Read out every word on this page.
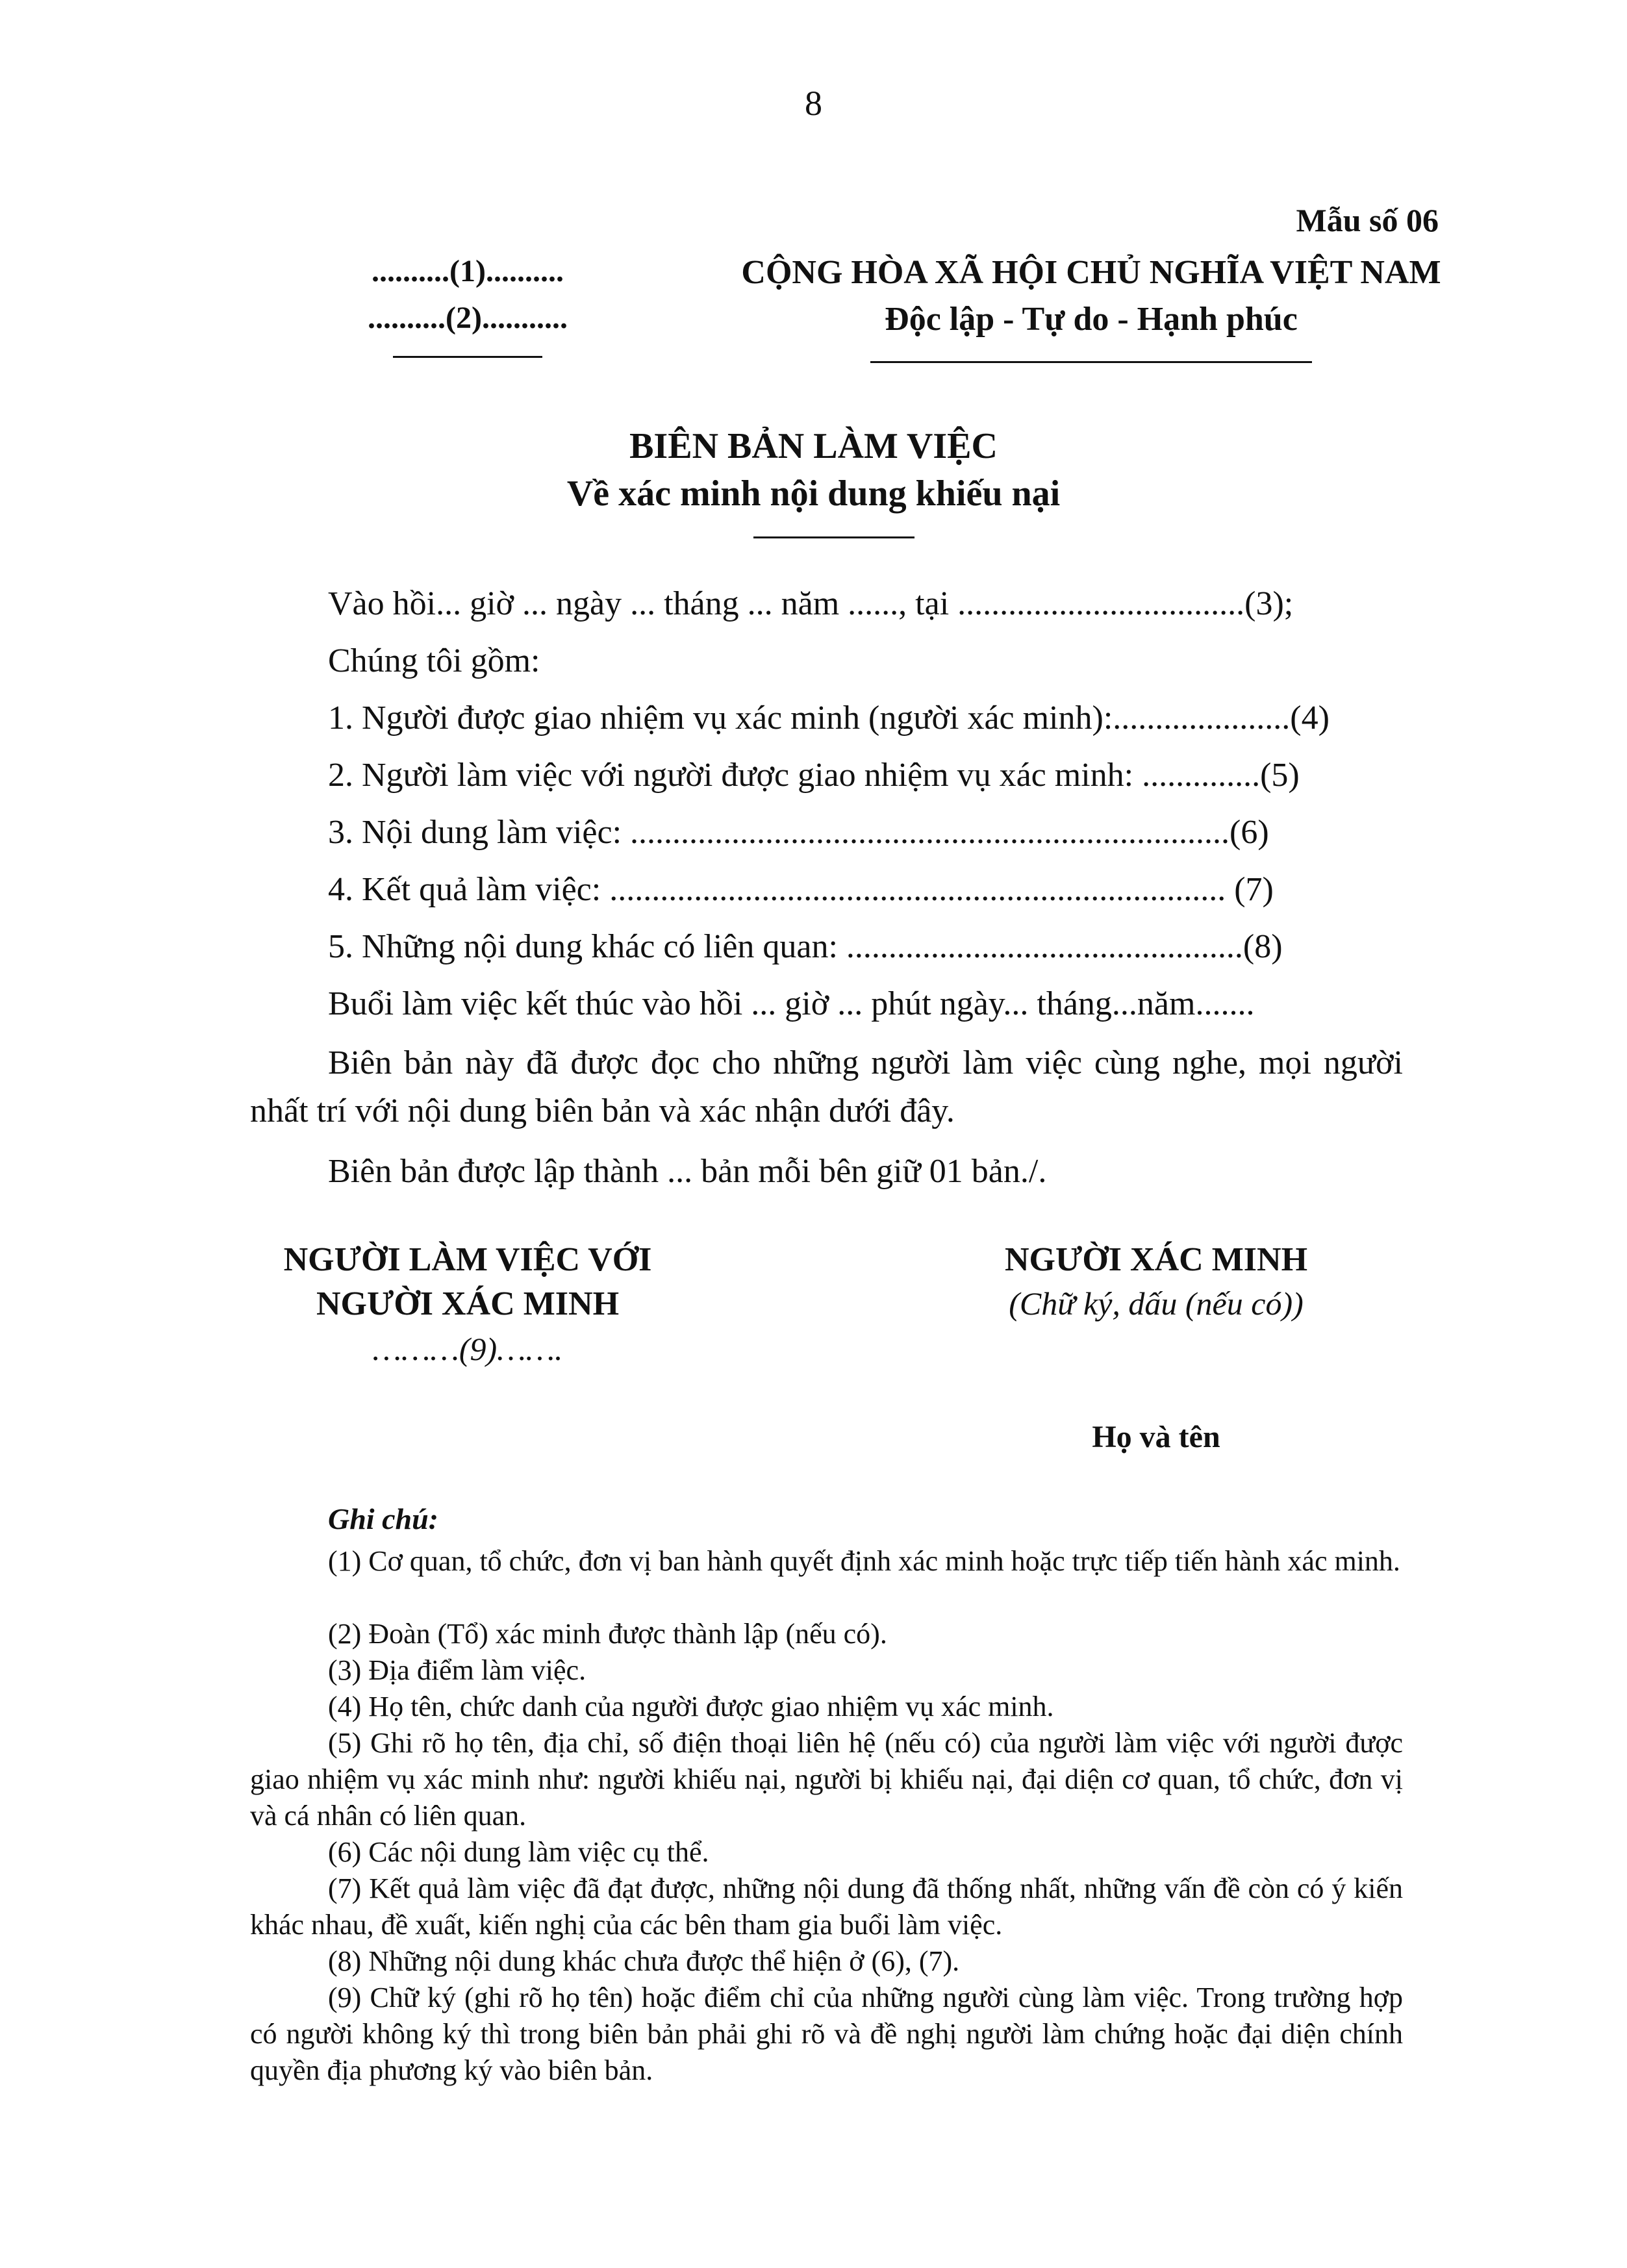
8
Mẫu số 06
..........(1)..........
..........(2)...........
CỘNG HÒA XÃ HỘI CHỦ NGHĨA VIỆT NAM
Độc lập - Tự do - Hạnh phúc
BIÊN BẢN LÀM VIỆC
Về xác minh nội dung khiếu nại
Vào hồi... giờ ... ngày ... tháng ... năm ......, tại ..................................(3);
Chúng tôi gồm:
1. Người được giao nhiệm vụ xác minh (người xác minh):.....................(4)
2. Người làm việc với người được giao nhiệm vụ xác minh: ..............(5)
3. Nội dung làm việc: .......................................................................(6)
4. Kết quả làm việc: ......................................................................... (7)
5. Những nội dung khác có liên quan: ...............................................(8)
Buổi làm việc kết thúc vào hồi ... giờ ... phút ngày... tháng...năm.......
Biên bản này đã được đọc cho những người làm việc cùng nghe, mọi người nhất trí với nội dung biên bản và xác nhận dưới đây.
Biên bản được lập thành ... bản mỗi bên giữ 01 bản./.
NGƯỜI LÀM VIỆC VỚI
NGƯỜI XÁC MINH
………(9)…….
NGƯỜI XÁC MINH
(Chữ ký, dấu (nếu có))
Họ và tên
Ghi chú:
(1) Cơ quan, tổ chức, đơn vị ban hành quyết định xác minh hoặc trực tiếp tiến hành xác minh.
(2) Đoàn (Tổ) xác minh được thành lập (nếu có).
(3) Địa điểm làm việc.
(4) Họ tên, chức danh của người được giao nhiệm vụ xác minh.
(5) Ghi rõ họ tên, địa chỉ, số điện thoại liên hệ (nếu có) của người làm việc với người được giao nhiệm vụ xác minh như: người khiếu nại, người bị khiếu nại, đại diện cơ quan, tổ chức, đơn vị và cá nhân có liên quan.
(6) Các nội dung làm việc cụ thể.
(7) Kết quả làm việc đã đạt được, những nội dung đã thống nhất, những vấn đề còn có ý kiến khác nhau, đề xuất, kiến nghị của các bên tham gia buổi làm việc.
(8) Những nội dung khác chưa được thể hiện ở (6), (7).
(9) Chữ ký (ghi rõ họ tên) hoặc điểm chỉ của những người cùng làm việc. Trong trường hợp có người không ký thì trong biên bản phải ghi rõ và đề nghị người làm chứng hoặc đại diện chính quyền địa phương ký vào biên bản.
